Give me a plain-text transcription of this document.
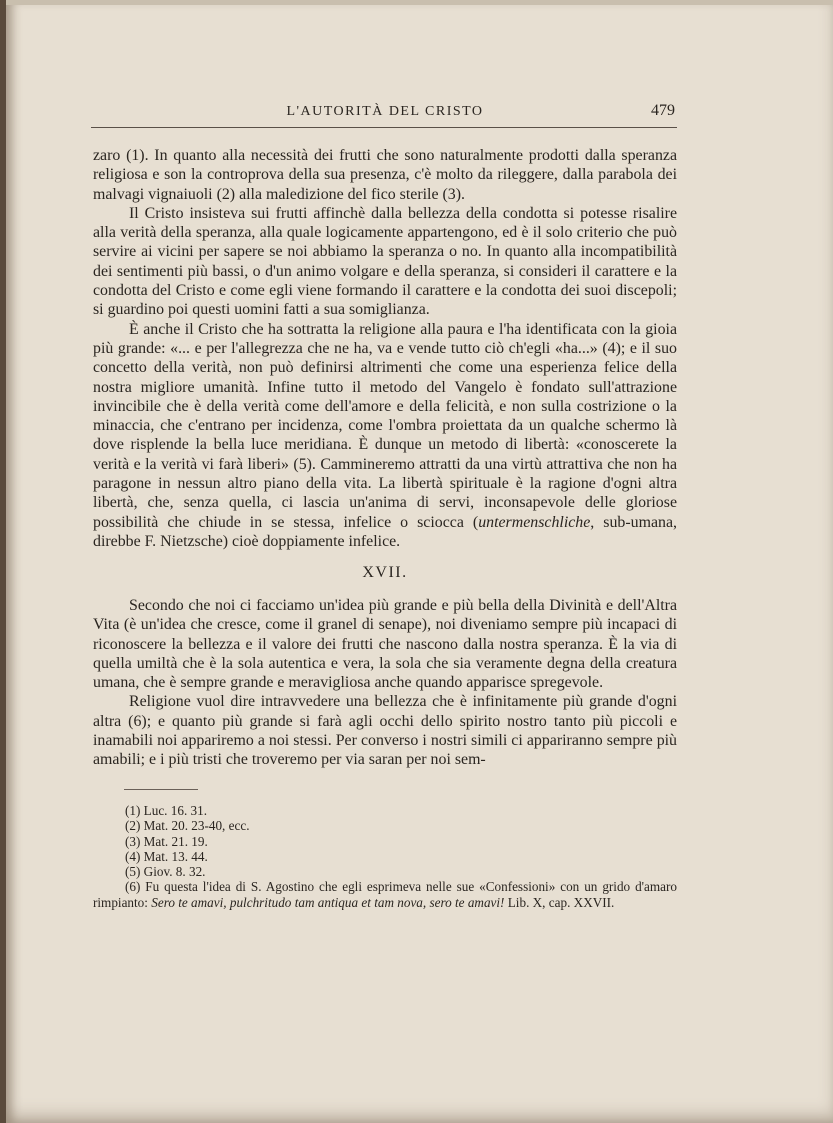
L'AUTORITÀ DEL CRISTO	479

zaro (1). In quanto alla necessità dei frutti che sono naturalmente prodotti dalla speranza religiosa e son la controprova della sua presenza, c'è molto da rileggere, dalla parabola dei malvagi vignaiuoli (2) alla maledizione del fico sterile (3).

Il Cristo insisteva sui frutti affinchè dalla bellezza della condotta si potesse risalire alla verità della speranza, alla quale logicamente appartengono, ed è il solo criterio che può servire ai vicini per sapere se noi abbiamo la speranza o no. In quanto alla incompatibilità dei sentimenti più bassi, o d'un animo volgare e della speranza, si consideri il carattere e la condotta del Cristo e come egli viene formando il carattere e la condotta dei suoi discepoli; si guardino poi questi uomini fatti a sua somiglianza.

È anche il Cristo che ha sottratta la religione alla paura e l'ha identificata con la gioia più grande: «... e per l'allegrezza che ne ha, va e vende tutto ciò ch'egli «ha...» (4); e il suo concetto della verità, non può definirsi altrimenti che come una esperienza felice della nostra migliore umanità. Infine tutto il metodo del Vangelo è fondato sull'attrazione invincibile che è della verità come dell'amore e della felicità, e non sulla costrizione o la minaccia, che c'entrano per incidenza, come l'ombra proiettata da un qualche schermo là dove risplende la bella luce meridiana. È dunque un metodo di libertà: «conoscerete la verità e la verità vi farà liberi» (5). Cammineremo attratti da una virtù attrattiva che non ha paragone in nessun altro piano della vita. La libertà spirituale è la ragione d'ogni altra libertà, che, senza quella, ci lascia un'anima di servi, inconsapevole delle gloriose possibilità che chiude in se stessa, infelice o sciocca (untermenschliche, sub-umana, direbbe F. Nietzsche) cioè doppiamente infelice.

XVII.

Secondo che noi ci facciamo un'idea più grande e più bella della Divinità e dell'Altra Vita (è un'idea che cresce, come il granel di senape), noi diveniamo sempre più incapaci di riconoscere la bellezza e il valore dei frutti che nascono dalla nostra speranza. È la via di quella umiltà che è la sola autentica e vera, la sola che sia veramente degna della creatura umana, che è sempre grande e meravigliosa anche quando apparisce spregevole.

Religione vuol dire intravvedere una bellezza che è infinitamente più grande d'ogni altra (6); e quanto più grande si farà agli occhi dello spirito nostro tanto più piccoli e inamabili noi appariremo a noi stessi. Per converso i nostri simili ci appariranno sempre più amabili; e i più tristi che troveremo per via saran per noi sem-

(1) Luc. 16. 31.
(2) Mat. 20. 23-40, ecc.
(3) Mat. 21. 19.
(4) Mat. 13. 44.
(5) Giov. 8. 32.
(6) Fu questa l'idea di S. Agostino che egli esprimeva nelle sue «Confessioni» con un grido d'amaro rimpianto: Sero te amavi, pulchritudo tam antiqua et tam nova, sero te amavi! Lib. X, cap. XXVII.
